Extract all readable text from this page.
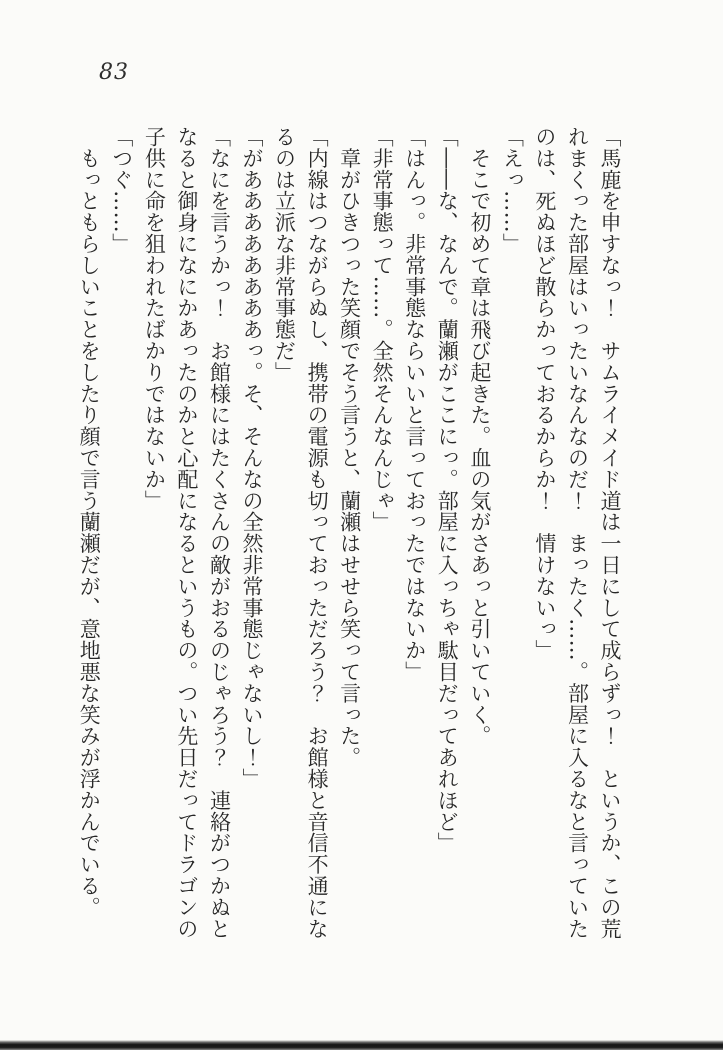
83

「馬鹿を申すなっ！　サムライメイド道は一日にして成らずっ！　というか、この荒

れまくった部屋はいったいなんなのだ！　まったく……。部屋に入るなと言っていた

のは、死ぬほど散らかっておるからか！　情けないっ」

「えっ……」

　そこで初めて章は飛び起きた。血の気がさあっと引いていく。

「――な、なんで。蘭瀬がここにっ。部屋に入っちゃ駄目だってあれほど」

「はんっ。非常事態ならいいと言っておったではないか」

「非常事態って……。全然そんなんじゃ」

　章がひきつった笑顔でそう言うと、蘭瀬はせせら笑って言った。

「内線はつながらぬし、携帯の電源も切っておっただろう？　お館様と音信不通にな

るのは立派な非常事態だ」

「がああああああああっ。そ、そんなの全然非常事態じゃないし！」

「なにを言うかっ！　お館様にはたくさんの敵がおるのじゃろう？　連絡がつかぬと

なると御身になにかあったのかと心配になるというもの。つい先日だってドラゴンの

子供に命を狙われたばかりではないか」

「つぐ……」

　もっともらしいことをしたり顔で言う蘭瀬だが、意地悪な笑みが浮かんでいる。
